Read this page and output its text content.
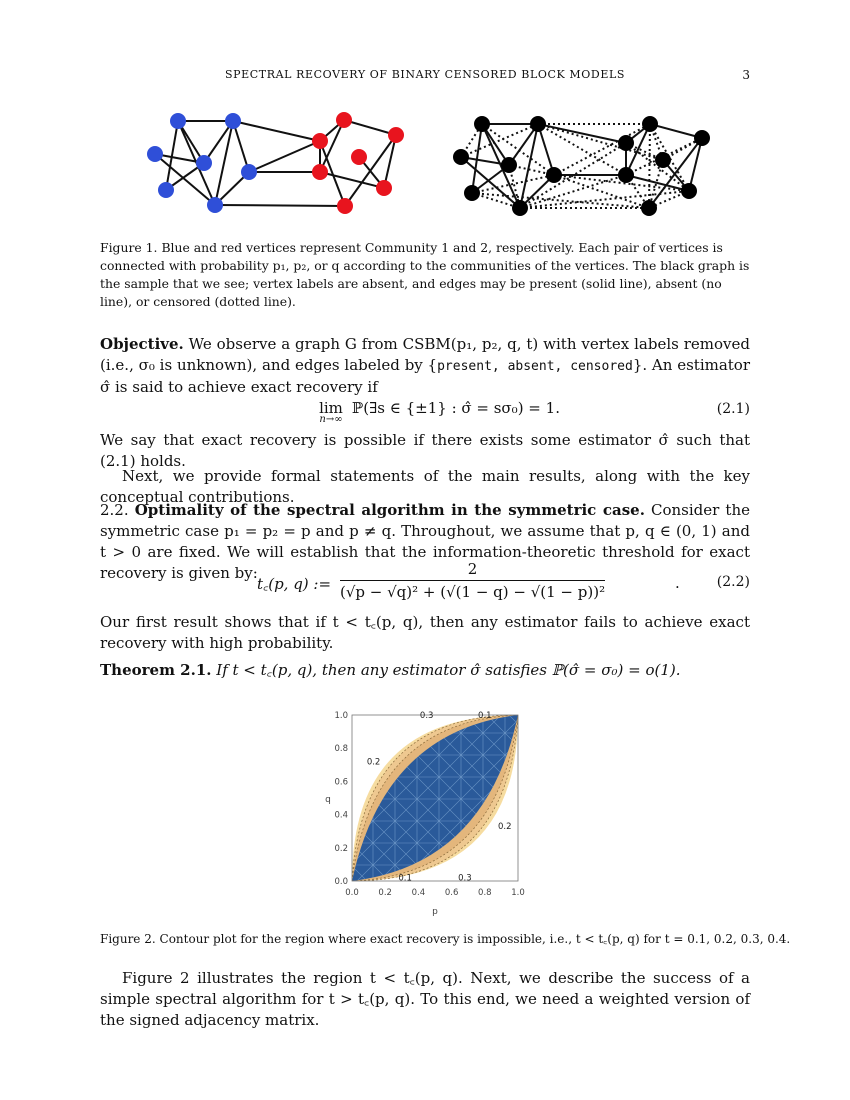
SPECTRAL RECOVERY OF BINARY CENSORED BLOCK MODELS	3
Figure 1. Blue and red vertices represent Community 1 and 2, respectively. Each pair of vertices is connected with probability p₁, p₂, or q according to the communities of the vertices. The black graph is the sample that we see; vertex labels are absent, and edges may be present (solid line), absent (no line), or censored (dotted line).
Objective. We observe a graph G from CSBM(p₁, p₂, q, t) with vertex labels removed (i.e., σ₀ is unknown), and edges labeled by {present, absent, censored}. An estimator σ̂ is said to achieve exact recovery if
lim
n→∞
ℙ(∃s ∈ {±1} : σ̂ = sσ₀) = 1.	(2.1)
We say that exact recovery is possible if there exists some estimator σ̂ such that (2.1) holds.
Next, we provide formal statements of the main results, along with the key conceptual contributions.
2.2. Optimality of the spectral algorithm in the symmetric case. Consider the symmetric case p₁ = p₂ = p and p ≠ q. Throughout, we assume that p, q ∈ (0, 1) and t > 0 are fixed. We will establish that the information-theoretic threshold for exact recovery is given by:
t꜀(p, q) := $\frac{2}{\text{(√p − √q)² + (√(1 − q) − √(1 − p))²}}$	.	(2.2)
Our first result shows that if t < t꜀(p, q), then any estimator fails to achieve exact recovery with high probability.
Theorem 2.1. If t < t꜀(p, q), then any estimator σ̂ satisfies ℙ(σ̂ = σ₀) = o(1).
0.0 0.2 0.4 0.6 0.8 1.0
0.0
0.2
0.4
0.6
0.8
1.0	0.3	0.1
0.2
0.2
0.1	0.3
p
q
Figure 2. Contour plot for the region where exact recovery is impossible, i.e., t < t꜀(p, q) for t = 0.1, 0.2, 0.3, 0.4.
Figure 2 illustrates the region t < t꜀(p, q). Next, we describe the success of a simple spectral algorithm for t > t꜀(p, q). To this end, we need a weighted version of the signed adjacency matrix.
